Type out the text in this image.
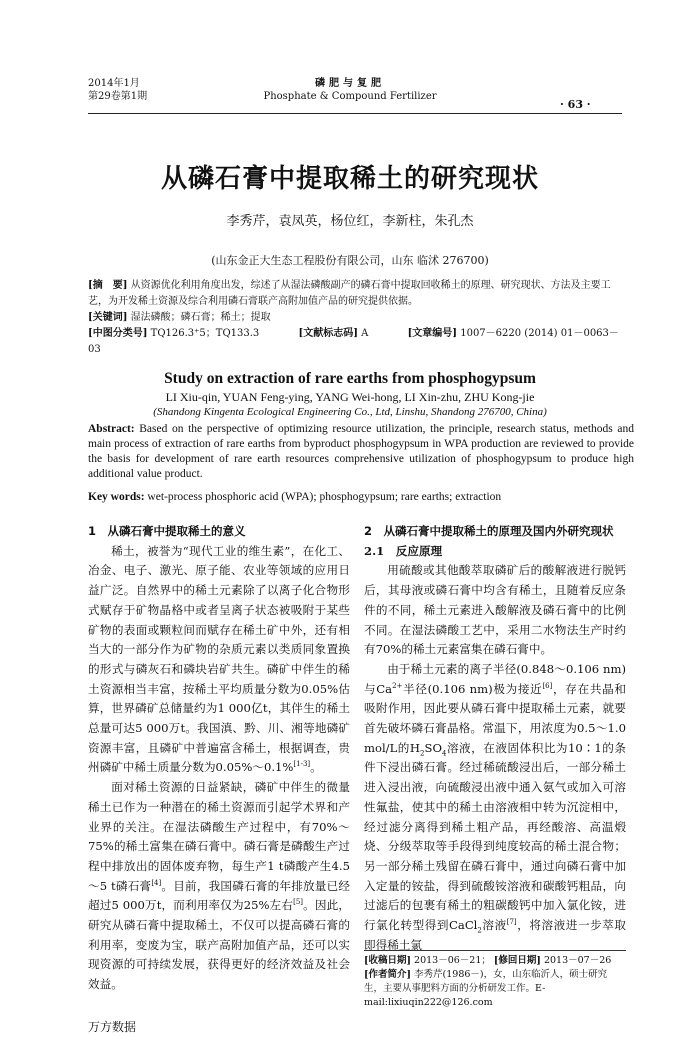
2014年1月
第29卷第1期
磷肥与复肥
Phosphate & Compound Fertilizer
· 63 ·
从磷石膏中提取稀土的研究现状
李秀芹，袁凤英，杨位红，李新柱，朱孔杰
(山东金正大生态工程股份有限公司，山东 临沭 276700)
[摘　要] 从资源优化利用角度出发，综述了从湿法磷酸副产的磷石膏中提取回收稀土的原理、研究现状、方法及主要工艺，为开发稀土资源及综合利用磷石膏联产高附加值产品的研究提供依据。
[关键词] 湿法磷酸；磷石膏；稀土；提取
[中图分类号] TQ126.3⁺5；TQ133.3	[文献标志码] A	[文章编号] 1007－6220 (2014) 01－0063－03
Study on extraction of rare earths from phosphogypsum
LI Xiu-qin, YUAN Feng-ying, YANG Wei-hong, LI Xin-zhu, ZHU Kong-jie
(Shandong Kingenta Ecological Engineering Co., Ltd, Linshu, Shandong 276700, China)
Abstract: Based on the perspective of optimizing resource utilization, the principle, research status, methods and main process of extraction of rare earths from byproduct phosphogypsum in WPA production are reviewed to provide the basis for development of rare earth resources comprehensive utilization of phosphogypsum to produce high additional value product.
Key words: wet-process phosphoric acid (WPA); phosphogypsum; rare earths; extraction
1　从磷石膏中提取稀土的意义

稀土，被誉为“现代工业的维生素”，在化工、冶金、电子、激光、原子能、农业等领域的应用日益广泛。自然界中的稀土元素除了以离子化合物形式赋存于矿物晶格中或者呈离子状态被吸附于某些矿物的表面或颗粒间而赋存在稀土矿中外，还有相当大的一部分作为矿物的杂质元素以类质同象置换的形式与磷灰石和磷块岩矿共生。磷矿中伴生的稀土资源相当丰富，按稀土平均质量分数为0.05%估算，世界磷矿总储量约为1 000亿t，其伴生的稀土总量可达5 000万t。我国滇、黔、川、湘等地磷矿资源丰富，且磷矿中普遍富含稀土，根据调查，贵州磷矿中稀土质量分数为0.05%～0.1%[1-3]。

面对稀土资源的日益紧缺，磷矿中伴生的微量稀土已作为一种潜在的稀土资源而引起学术界和产业界的关注。在湿法磷酸生产过程中，有70%～75%的稀土富集在磷石膏中。磷石膏是磷酸生产过程中排放出的固体废弃物，每生产1 t磷酸产生4.5～5 t磷石膏[4]。目前，我国磷石膏的年排放量已经超过5 000万t，而利用率仅为25%左右[5]。因此，研究从磷石膏中提取稀土，不仅可以提高磷石膏的利用率，变废为宝，联产高附加值产品，还可以实现资源的可持续发展，获得更好的经济效益及社会效益。

2　从磷石膏中提取稀土的原理及国内外研究现状
2.1　反应原理

用硫酸或其他酸萃取磷矿后的酸解液进行脱钙后，其母液或磷石膏中均含有稀土，且随着反应条件的不同，稀土元素进入酸解液及磷石膏中的比例不同。在湿法磷酸工艺中，采用二水物法生产时约有70%的稀土元素富集在磷石膏中。

由于稀土元素的离子半径(0.848～0.106 nm)与$Ca^{2+}$半径(0.106 nm)极为接近[6]，存在共晶和吸附作用，因此要从磷石膏中提取稀土元素，就要首先破坏磷石膏晶格。常温下，用浓度为0.5～1.0 mol/L的$H_2SO_4$溶液，在液固体积比为10∶1的条件下浸出磷石膏。经过稀硫酸浸出后，一部分稀土进入浸出液，向硫酸浸出液中通入氨气或加入可溶性氟盐，使其中的稀土由溶液相中转为沉淀相中，经过滤分离得到稀土粗产品，再经酸溶、高温煅烧、分级萃取等手段得到纯度较高的稀土混合物；另一部分稀土残留在磷石膏中，通过向磷石膏中加入定量的铵盐，得到硫酸铵溶液和碳酸钙粗品，向过滤后的包裹有稀土的粗碳酸钙中加入氯化铵，进行氯化转型得到CaCl$_2$溶液[7]，将溶液进一步萃取即得稀土氯

[收稿日期] 2013－06－21； [修回日期] 2013－07－26
[作者简介] 李秀芹(1986－)，女，山东临沂人，硕士研究生，主要从事肥料方面的分析研发工作。E-mail:lixiuqin222@126.com
万方数据
